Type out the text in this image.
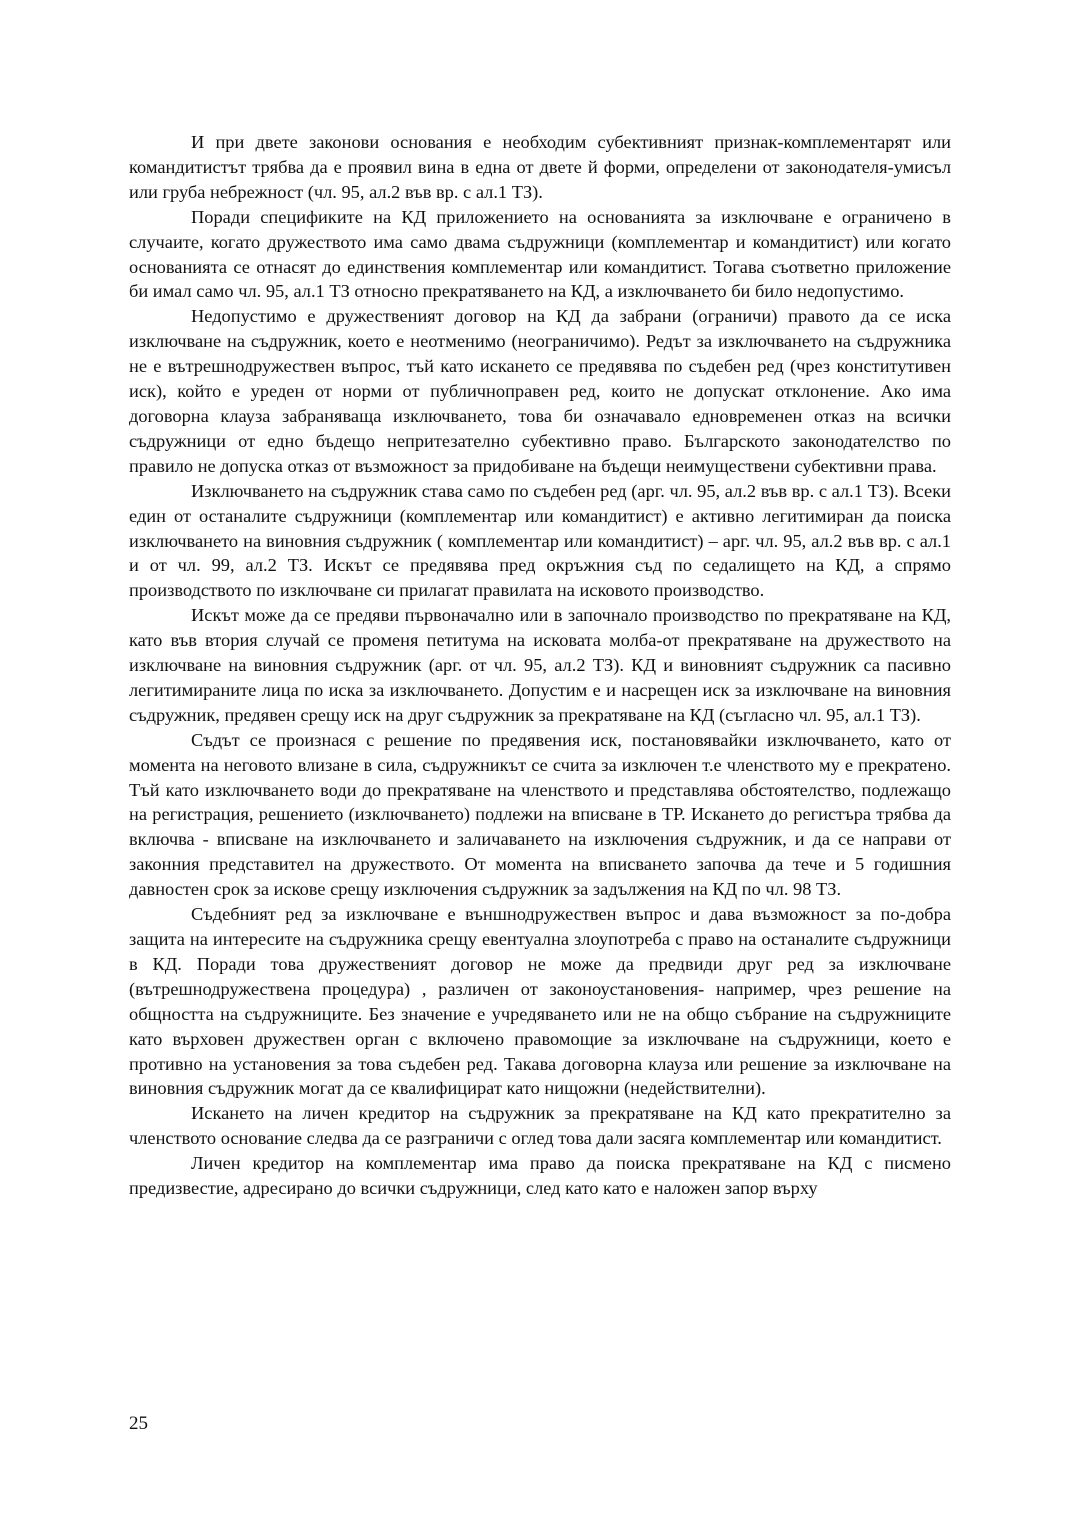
И при двете законови основания е необходим субективният признак-комплементарят или командитистът трябва да е проявил вина в една от двете й форми, определени от законодателя-умисъл или груба небрежност (чл. 95, ал.2 във вр. с ал.1 ТЗ).

Поради спецификите на КД приложението на основанията за изключване е ограничено в случаите, когато дружеството има само двама съдружници (комплементар и командитист) или когато основанията се отнасят до единствения комплементар или командитист. Тогава съответно приложение би имал само чл. 95, ал.1 ТЗ относно прекратяването на КД, а изключването би било недопустимо.

Недопустимо е дружественият договор на КД да забрани (ограничи) правото да се иска изключване на съдружник, което е неотменимо (неограничимо). Редът за изключването на съдружника не е вътрешнодружествен въпрос, тъй като искането се предявява по съдебен ред (чрез конститутивен иск), който е уреден от норми от публичноправен ред, които не допускат отклонение. Ако има договорна клауза забраняваща изключването, това би означавало едновременен отказ на всички съдружници от едно бъдещо непритезателно субективно право. Българското законодателство по правило не допуска отказ от възможност за придобиване на бъдещи неимуществени субективни права.

Изключването на съдружник става само по съдебен ред (арг. чл. 95, ал.2 във вр. с ал.1 ТЗ). Всеки един от останалите съдружници (комплементар или командитист) е активно легитимиран да поиска изключването на виновния съдружник ( комплементар или командитист) – арг. чл. 95, ал.2 във вр. с ал.1 и от чл. 99, ал.2 ТЗ. Искът се предявява пред окръжния съд по седалището на КД, а спрямо производството по изключване си прилагат правилата на исковото производство.

Искът може да се предяви първоначално или в започнало производство по прекратяване на КД, като във втория случай се променя петитума на исковата молба-от прекратяване на дружеството на изключване на виновния съдружник (арг. от чл. 95, ал.2 ТЗ). КД и виновният съдружник са пасивно легитимираните лица по иска за изключването. Допустим е и насрещен иск за изключване на виновния съдружник, предявен срещу иск на друг съдружник за прекратяване на КД (съгласно чл. 95, ал.1 ТЗ).

Съдът се произнася с решение по предявения иск, постановявайки изключването, като от момента на неговото влизане в сила, съдружникът се счита за изключен т.е членството му е прекратено. Тъй като изключването води до прекратяване на членството и представлява обстоятелство, подлежащо на регистрация, решението (изключването) подлежи на вписване в ТР. Искането до регистъра трябва да включва - вписване на изключването и заличаването на изключения съдружник, и да се направи от законния представител на дружеството. От момента на вписването започва да тече и 5 годишния давностен срок за искове срещу изключения съдружник за задължения на КД по чл. 98 ТЗ.

Съдебният ред за изключване е външнодружествен въпрос и дава възможност за по-добра защита на интересите на съдружника срещу евентуална злоупотреба с право на останалите съдружници в КД. Поради това дружественият договор не може да предвиди друг ред за изключване (вътрешнодружествена процедура) , различен от законоустановения- например, чрез решение на общността на съдружниците. Без значение е учредяването или не на общо събрание на съдружниците като върховен дружествен орган с включено правомощие за изключване на съдружници, което е противно на установения за това съдебен ред. Такава договорна клауза или решение за изключване на виновния съдружник могат да се квалифицират като нищожни (недействителни).

Искането на личен кредитор на съдружник за прекратяване на КД като прекратително за членството основание следва да се разграничи с оглед това дали засяга комплементар или командитист.

Личен кредитор на комплементар има право да поиска прекратяване на КД с писмено предизвестие, адресирано до всички съдружници, след като като е наложен запор върху

25
